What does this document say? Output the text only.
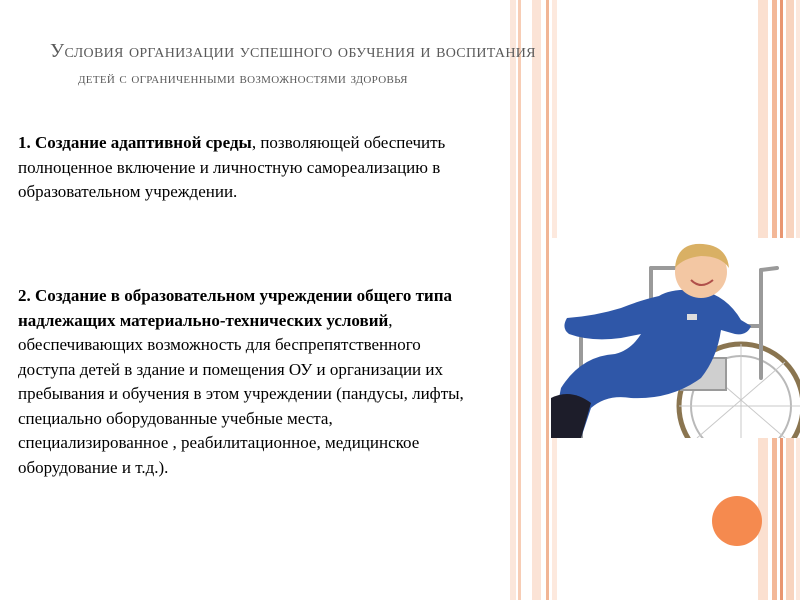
Условия организации успешного обучения и воспитания
детей с ограниченными возможностями здоровья
1. Создание адаптивной среды, позволяющей обеспечить полноценное включение и личностную самореализацию в образовательном учреждении.
2. Создание в образовательном учреждении общего типа надлежащих материально-технических условий, обеспечивающих возможность для беспрепятственного доступа детей в здание и помещения ОУ и организации их пребывания и обучения в этом учреждении (пандусы, лифты, специально оборудованные учебные места, специализированное , реабилитационное, медицинское оборудование и т.д.).
